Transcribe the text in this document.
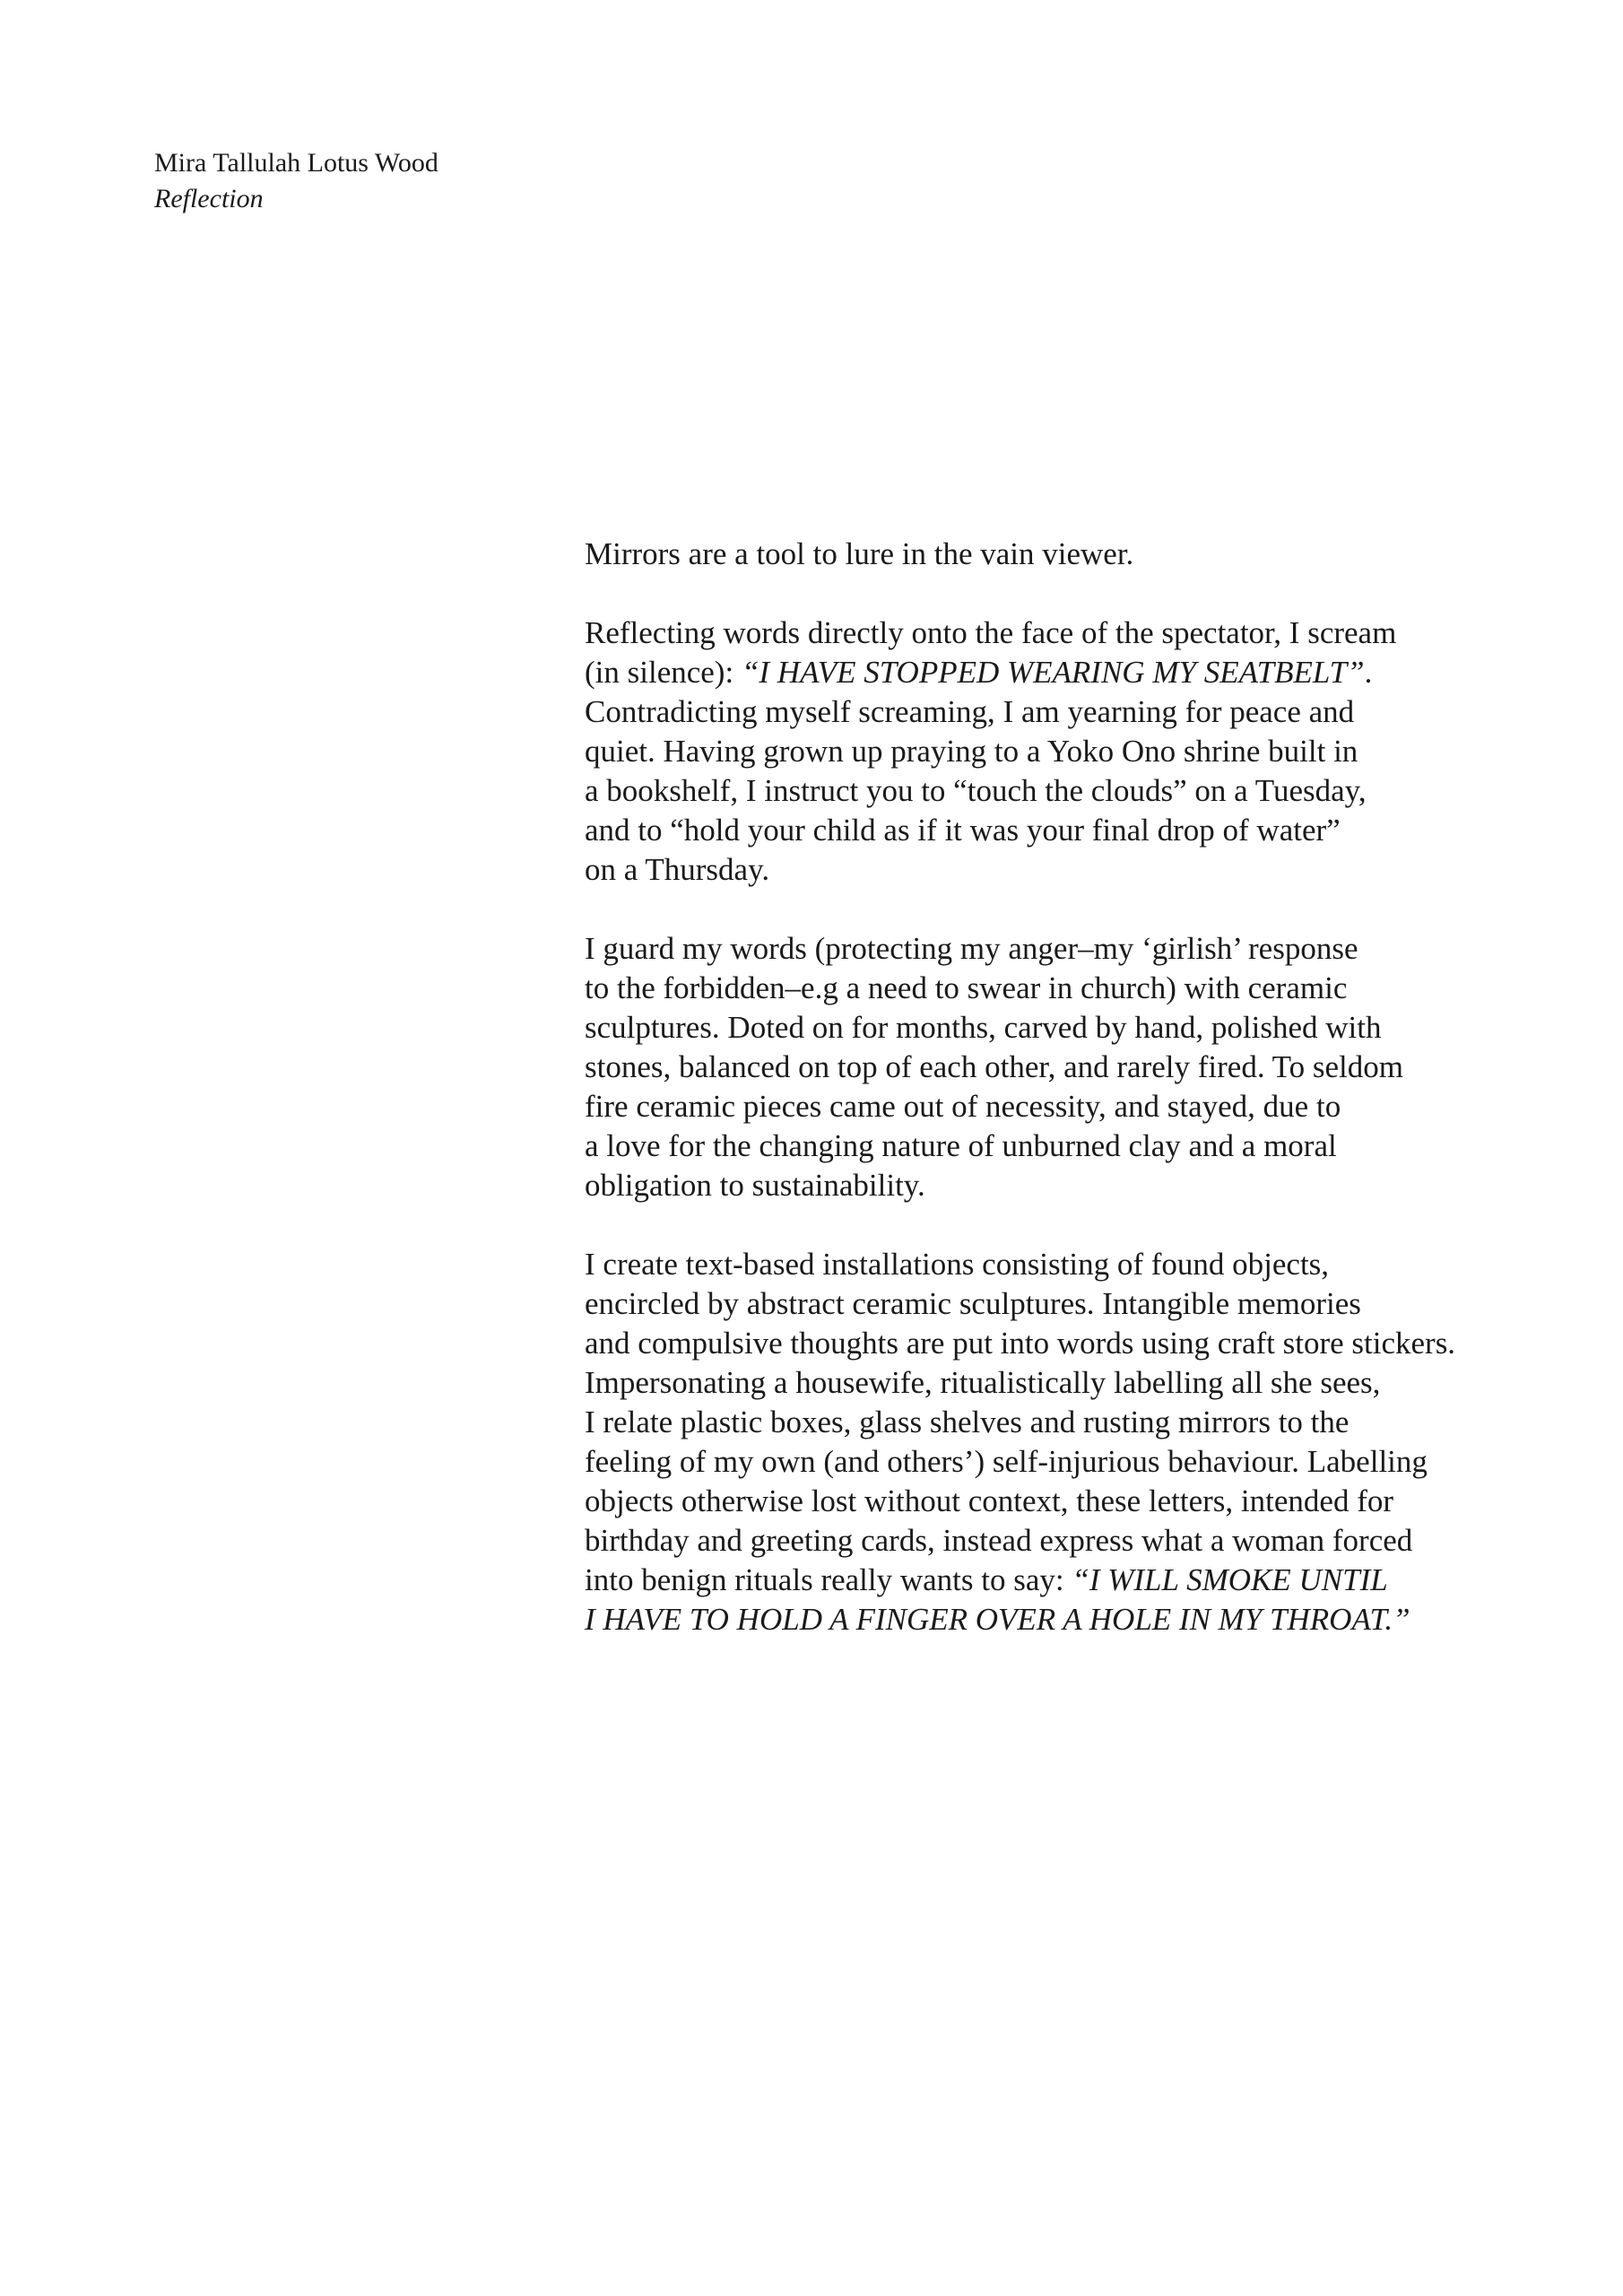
Mira Tallulah Lotus Wood
Reflection
Mirrors are a tool to lure in the vain viewer.
Reflecting words directly onto the face of the spectator, I scream
(in silence): “I HAVE STOPPED WEARING MY SEATBELT”.
Contradicting myself screaming, I am yearning for peace and
quiet. Having grown up praying to a Yoko Ono shrine built in
a bookshelf, I instruct you to “touch the clouds” on a Tuesday,
and to “hold your child as if it was your final drop of water”
on a Thursday.
I guard my words (protecting my anger–my ‘girlish’ response
to the forbidden–e.g a need to swear in church) with ceramic
sculptures. Doted on for months, carved by hand, polished with
stones, balanced on top of each other, and rarely fired. To seldom
fire ceramic pieces came out of necessity, and stayed, due to
a love for the changing nature of unburned clay and a moral
obligation to sustainability.
I create text-based installations consisting of found objects,
encircled by abstract ceramic sculptures. Intangible memories
and compulsive thoughts are put into words using craft store stickers.
Impersonating a housewife, ritualistically labelling all she sees,
I relate plastic boxes, glass shelves and rusting mirrors to the
feeling of my own (and others’) self-injurious behaviour. Labelling
objects otherwise lost without context, these letters, intended for
birthday and greeting cards, instead express what a woman forced
into benign rituals really wants to say: “I WILL SMOKE UNTIL
I HAVE TO HOLD A FINGER OVER A HOLE IN MY THROAT.”
